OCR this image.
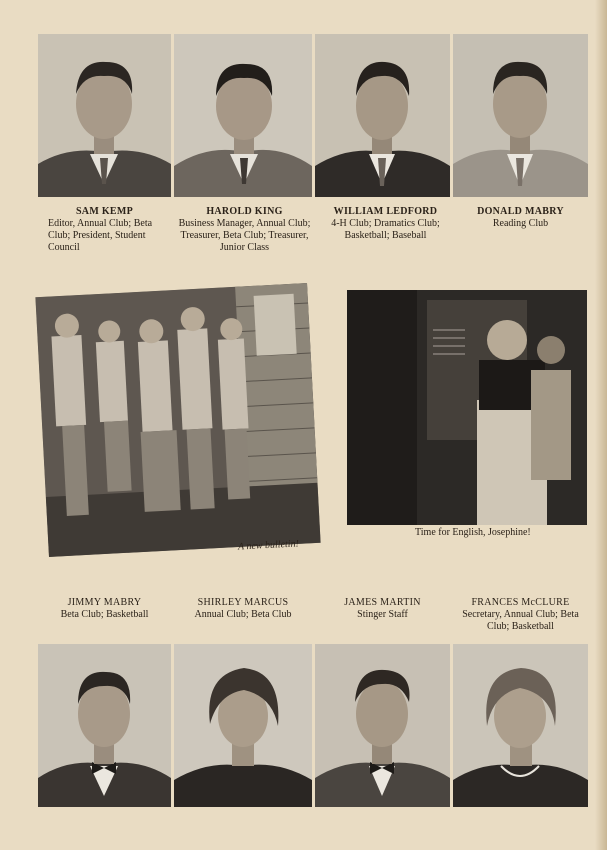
SAM KEMP
Editor, Annual Club; Beta Club; President, Student Council
HAROLD KING
Business Manager, Annual Club; Treasurer, Beta Club; Treasurer, Junior Class
WILLIAM LEDFORD
4-H Club; Dramatics Club; Basketball; Baseball
DONALD MABRY
Reading Club
A new bulletin!
Time for English, Josephine!
JIMMY MABRY
Beta Club; Basketball
SHIRLEY MARCUS
Annual Club; Beta Club
JAMES MARTIN
Stinger Staff
FRANCES McCLURE
Secretary, Annual Club; Beta Club; Basketball
